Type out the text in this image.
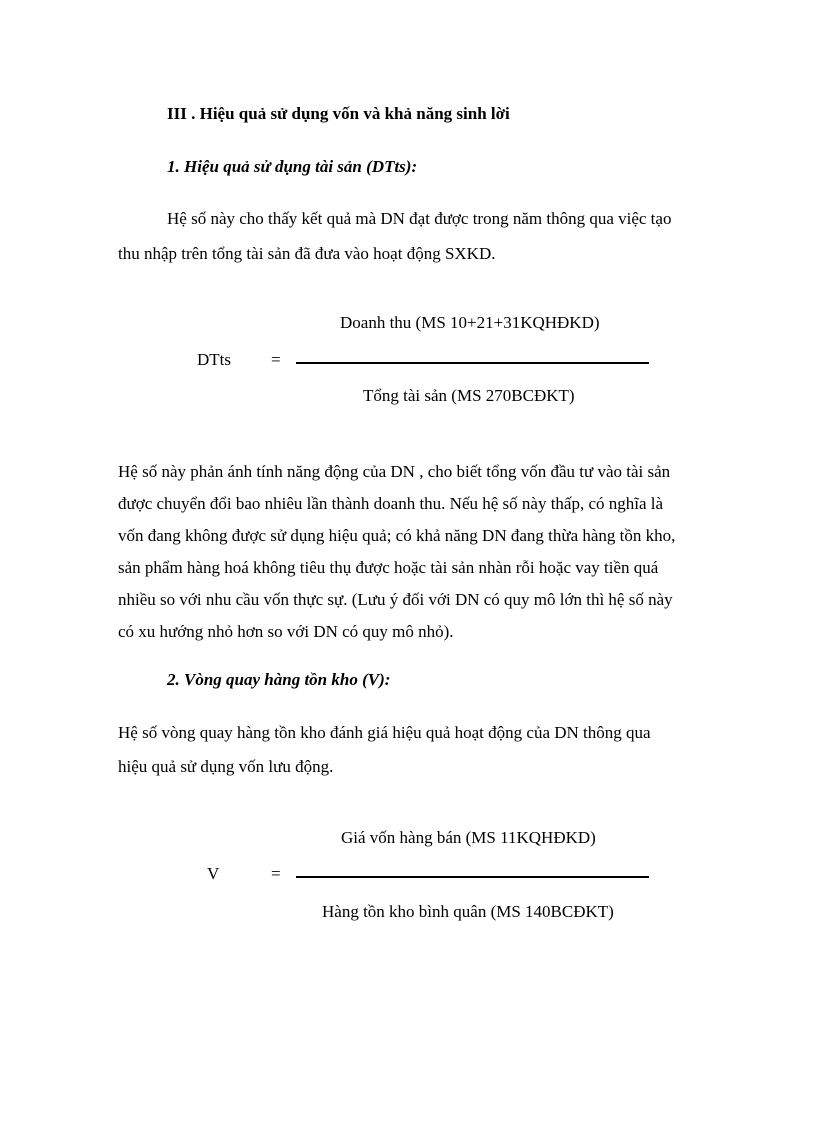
III . Hiệu quả sử dụng vốn và khả năng sinh lời
1. Hiệu quả sử dụng tài sản (DTts):
Hệ số này cho thấy kết quả mà DN đạt được trong năm thông qua việc tạo
thu nhập trên tổng tài sản đã đưa vào hoạt động SXKD.
Doanh thu (MS 10+21+31KQHĐKD)
DTts =
Tổng tài sản (MS 270BCĐKT)
Hệ số này phản ánh tính năng động của DN , cho biết tổng vốn đầu tư vào tài sản
được chuyển đổi bao nhiêu lần thành doanh thu. Nếu hệ số này thấp, có nghĩa là
vốn đang không được sử dụng hiệu quả; có khả năng DN đang thừa hàng tồn kho,
sản phẩm hàng hoá không tiêu thụ được hoặc tài sản nhàn rỗi hoặc vay tiền quá
nhiều so với nhu cầu vốn thực sự. (Lưu ý đối với DN có quy mô lớn thì hệ số này
có xu hướng nhỏ hơn so với DN có quy mô nhỏ).
2. Vòng quay hàng tồn kho (V):
Hệ số vòng quay hàng tồn kho đánh giá hiệu quả hoạt động của DN thông qua
hiệu quả sử dụng vốn lưu động.
Giá vốn hàng bán (MS 11KQHĐKD)
V	=
Hàng tồn kho bình quân (MS 140BCĐKT)
